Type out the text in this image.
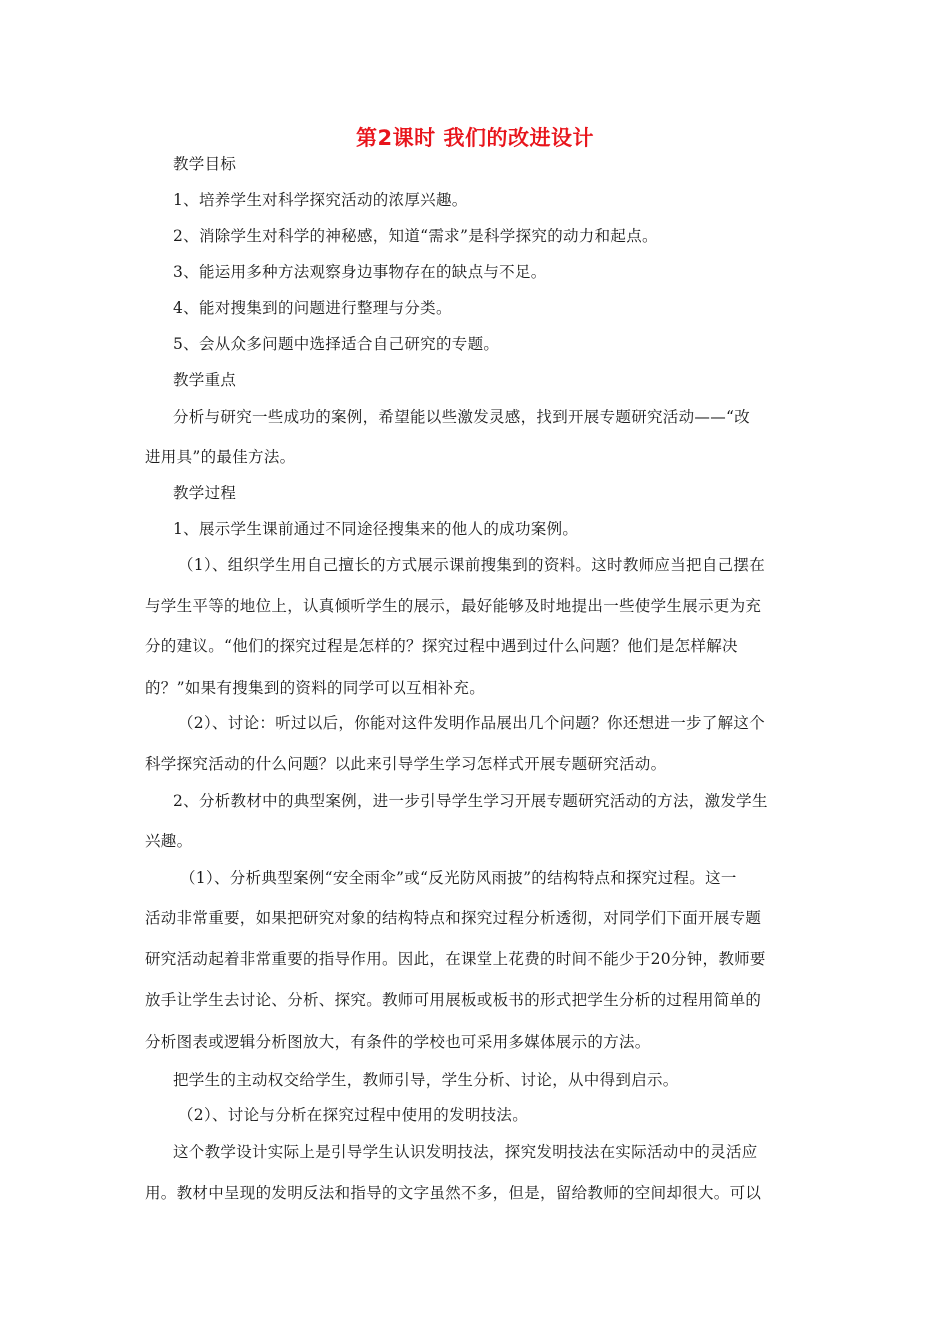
第2课时 我们的改进设计
教学目标
1、培养学生对科学探究活动的浓厚兴趣。
2、消除学生对科学的神秘感，知道“需求”是科学探究的动力和起点。
3、能运用多种方法观察身边事物存在的缺点与不足。
4、能对搜集到的问题进行整理与分类。
5、会从众多问题中选择适合自己研究的专题。
教学重点
分析与研究一些成功的案例，希望能以些激发灵感，找到开展专题研究活动——“改
进用具”的最佳方法。
教学过程
1、展示学生课前通过不同途径搜集来的他人的成功案例。
（1）、组织学生用自己擅长的方式展示课前搜集到的资料。这时教师应当把自己摆在
与学生平等的地位上，认真倾听学生的展示，最好能够及时地提出一些使学生展示更为充
分的建议。“他们的探究过程是怎样的？探究过程中遇到过什么问题？他们是怎样解决
的？”如果有搜集到的资料的同学可以互相补充。
（2）、讨论：听过以后，你能对这件发明作品展出几个问题？你还想进一步了解这个
科学探究活动的什么问题？以此来引导学生学习怎样式开展专题研究活动。
2、分析教材中的典型案例，进一步引导学生学习开展专题研究活动的方法，激发学生
兴趣。
（1）、分析典型案例“安全雨伞”或“反光防风雨披”的结构特点和探究过程。这一
活动非常重要，如果把研究对象的结构特点和探究过程分析透彻，对同学们下面开展专题
研究活动起着非常重要的指导作用。因此，在课堂上花费的时间不能少于20分钟，教师要
放手让学生去讨论、分析、探究。教师可用展板或板书的形式把学生分析的过程用简单的
分析图表或逻辑分析图放大，有条件的学校也可采用多媒体展示的方法。
把学生的主动权交给学生，教师引导，学生分析、讨论，从中得到启示。
（2）、讨论与分析在探究过程中使用的发明技法。
这个教学设计实际上是引导学生认识发明技法，探究发明技法在实际活动中的灵活应
用。教材中呈现的发明反法和指导的文字虽然不多，但是，留给教师的空间却很大。可以
